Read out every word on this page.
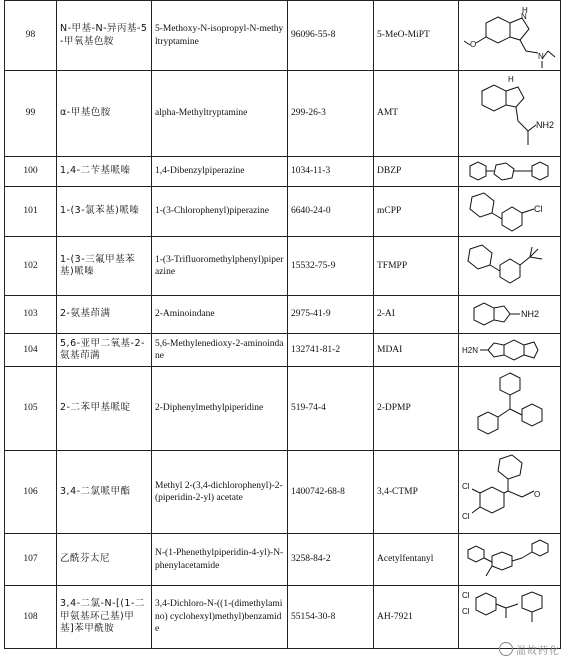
98	N-甲基-N-异丙基-5-甲氧基色胺	5-Methoxy-N-isopropyl-N-methyltryptamine	96096-55-8	5-MeO-MiPT	H
N
O
N

99	α-甲基色胺	alpha-Methyltryptamine	299-26-3	AMT	H
NH2

100	1,4-二苄基哌嗪	1,4-Dibenzylpiperazine	1034-11-3	DBZP	

101	1-(3-氯苯基)哌嗪	1-(3-Chlorophenyl)piperazine	6640-24-0	mCPP	Cl

102	1-(3-三氟甲基苯基)哌嗪	1-(3-Trifluoromethylphenyl)piperazine	15532-75-9	TFMPP	

103	2-氨基茚满	2-Aminoindane	2975-41-9	2-AI	NH2

104	5,6-亚甲二氧基-2-氨基茚满	5,6-Methylenedioxy-2-aminoindane	132741-81-2	MDAI	H2N

105	2-二苯甲基哌啶	2-Diphenylmethylpiperidine	519-74-4	2-DPMP	

106	3,4-二氯哌甲酯	Methyl 2-(3,4-dichlorophenyl)-2-(piperidin-2-yl) acetate	1400742-68-8	3,4-CTMP	O
Cl
Cl

107	乙酰芬太尼	N-(1-Phenethylpiperidin-4-yl)-N-phenylacetamide	3258-84-2	Acetylfentanyl	

108	3,4-二氯-N-[(1-二甲氨基环己基)甲基]苯甲酰胺	3,4-Dichloro-N-((1-(dimethylamino) cyclohexyl)methyl)benzamide	55154-30-8	AH-7921	Cl
Cl
温故药化
